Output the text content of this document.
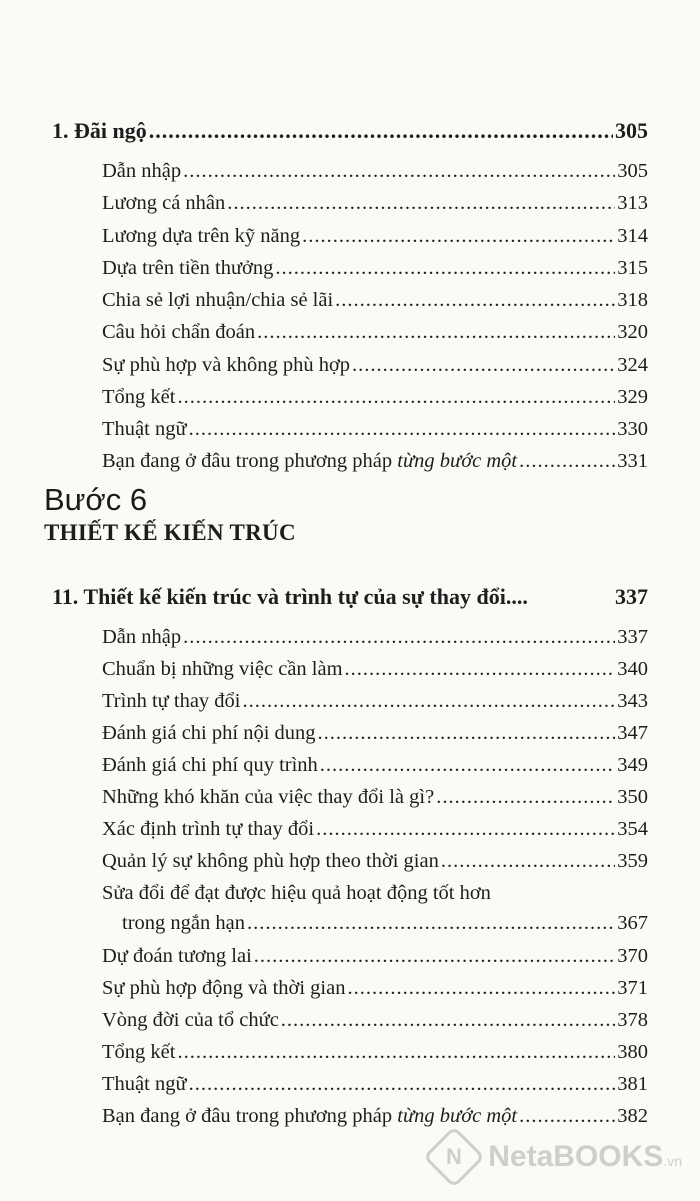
1. Đãi ngộ .....	305
Dẫn nhập .....	305
Lương cá nhân .....	313
Lương dựa trên kỹ năng .....	314
Dựa trên tiền thưởng .....	315
Chia sẻ lợi nhuận/chia sẻ lãi .....	318
Câu hỏi chẩn đoán .....	320
Sự phù hợp và không phù hợp .....	324
Tổng kết .....	329
Thuật ngữ .....	330
Bạn đang ở đâu trong phương pháp từng bước một .....	331
Bước 6
THIẾT KẾ KIẾN TRÚC
11. Thiết kế kiến trúc và trình tự của sự thay đổi....	337
Dẫn nhập .....	337
Chuẩn bị những việc cần làm .....	340
Trình tự thay đổi .....	343
Đánh giá chi phí nội dung .....	347
Đánh giá chi phí quy trình .....	349
Những khó khăn của việc thay đổi là gì? .....	350
Xác định trình tự thay đổi .....	354
Quản lý sự không phù hợp theo thời gian .....	359
Sửa đổi để đạt được hiệu quả hoạt động tốt hơn
trong ngắn hạn .....	367
Dự đoán tương lai .....	370
Sự phù hợp động và thời gian .....	371
Vòng đời của tổ chức .....	378
Tổng kết .....	380
Thuật ngữ .....	381
Bạn đang ở đâu trong phương pháp từng bước một .....	382
N NetaBOOKS.vn
